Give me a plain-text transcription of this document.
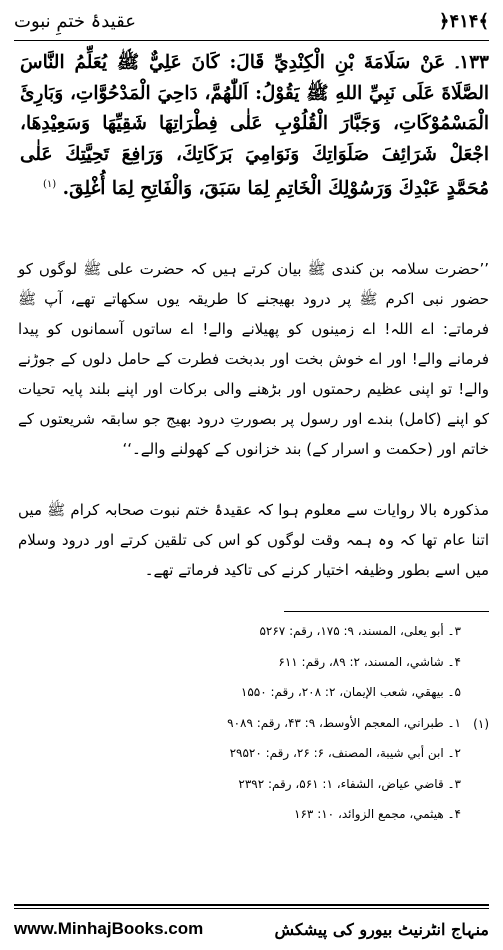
عقیدۂ ختمِ نبوت	﴿۴۱۴﴾
۱۳۳۔ عَنْ سَلَامَةَ بْنِ الْكِنْدِيِّ قَالَ: كَانَ عَلِيٌّ ﷺ يُعَلِّمُ النَّاسَ الصَّلَاةَ عَلَى نَبِيِّ اللهِ ﷺ يَقُوْلُ: اَللّٰهُمَّ، دَاحِيَ الْمَدْحُوَّاتِ، وَبَارِئَ الْمَسْمُوْكَاتِ، وَجَبَّارَ الْقُلُوْبِ عَلٰى فِطْرَاتِهَا شَقِيِّهَا وَسَعِيْدِهَا، اجْعَلْ شَرَائِفَ صَلَوَاتِكَ وَنَوَامِيَ بَرَكَاتِكَ، وَرَافِعَ تَحِيَّتِكَ عَلٰى مُحَمَّدٍ عَبْدِكَ وَرَسُوْلِكَ الْخَاتِمِ لِمَا سَبَقَ، وَالْفَاتِحِ لِمَا أُغْلِقَ. $^{(۱)}$
’’حضرت سلامہ بن کندی ﷺ بیان کرتے ہیں کہ حضرت علی ﷺ لوگوں کو حضور نبی اکرم ﷺ پر درود بھیجنے کا طریقہ یوں سکھاتے تھے، آپ ﷺ فرماتے: اے اللہ! اے زمینوں کو پھیلانے والے! اے ساتوں آسمانوں کو پیدا فرمانے والے! اور اے خوش بخت اور بدبخت فطرت کے حامل دلوں کے جوڑنے والے! تو اپنی عظیم رحمتوں اور بڑھنے والی برکات اور اپنے بلند پایہ تحیات کو اپنے (کامل) بندے اور رسول پر بصورتِ درود بھیج جو سابقہ شریعتوں کے خاتم اور (حکمت و اسرار کے) بند خزانوں کے کھولنے والے۔‘‘
مذکورہ بالا روایات سے معلوم ہوا کہ عقیدۂ ختم نبوت صحابہ کرام ﷺ میں اتنا عام تھا کہ وہ ہمہ وقت لوگوں کو اس کی تلقین کرتے اور درود وسلام میں اسے بطور وظیفہ اختیار کرنے کی تاکید فرماتے تھے۔
۳۔ أبو يعلى، المسند، ۹: ۱۷۵، رقم: ۵۲۶۷
۴۔ شاشي، المسند، ۲: ۸۹، رقم: ۶۱۱
۵۔ بيهقي، شعب الإيمان، ۲: ۲۰۸، رقم: ۱۵۵۰
(۱)
۱۔ طبراني، المعجم الأوسط، ۹: ۴۳، رقم: ۹۰۸۹
۲۔ ابن أبي شيبة، المصنف، ۶: ۲۶، رقم: ۲۹۵۲۰
۳۔ قاضي عياض، الشفاء، ۱: ۵۶۱، رقم: ۲۳۹۲
۴۔ هيثمي، مجمع الزوائد، ۱۰: ۱۶۳
www.MinhajBooks.com	منہاج انٹرنیٹ بیورو کی پیشکش
